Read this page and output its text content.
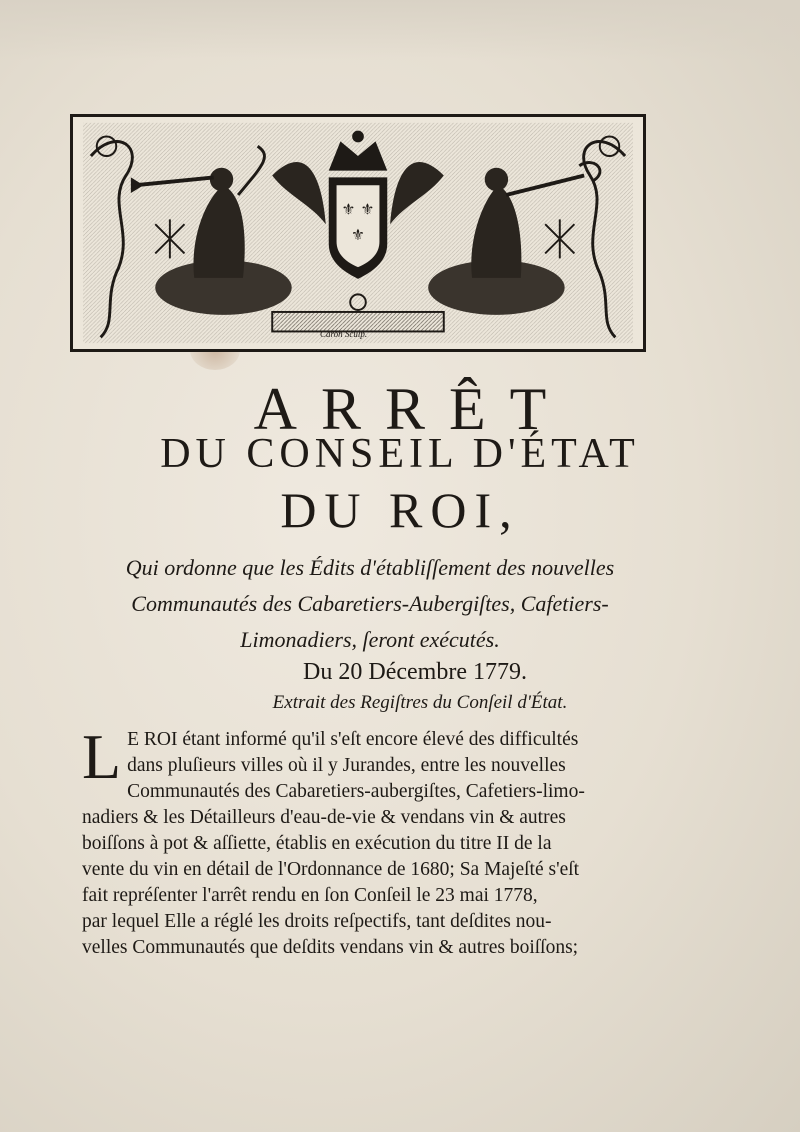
⚜ ⚜
⚜
Caron Sculp.
ARRÊT
DU CONSEIL D'ÉTAT
DU ROI,
Qui ordonne que les Édits d'établiſſement des nouvelles
Communautés des Cabaretiers-Aubergiſtes, Cafetiers-
Limonadiers, ſeront exécutés.
Du 20 Décembre 1779.
Extrait des Regiſtres du Conſeil d'État.
L E ROI étant informé qu'il s'eſt encore élevé des difficultés
dans pluſieurs villes où il y Jurandes, entre les nouvelles
Communautés des Cabaretiers-aubergiſtes, Cafetiers-limo-
nadiers & les Détailleurs d'eau-de-vie & vendans vin & autres
boiſſons à pot & aſſiette, établis en exécution du titre II de la
vente du vin en détail de l'Ordonnance de 1680; Sa Majeſté s'eſt
fait repréſenter l'arrêt rendu en ſon Conſeil le 23 mai 1778,
par lequel Elle a réglé les droits reſpectifs, tant deſdites nou-
velles Communautés que deſdits vendans vin & autres boiſſons;
